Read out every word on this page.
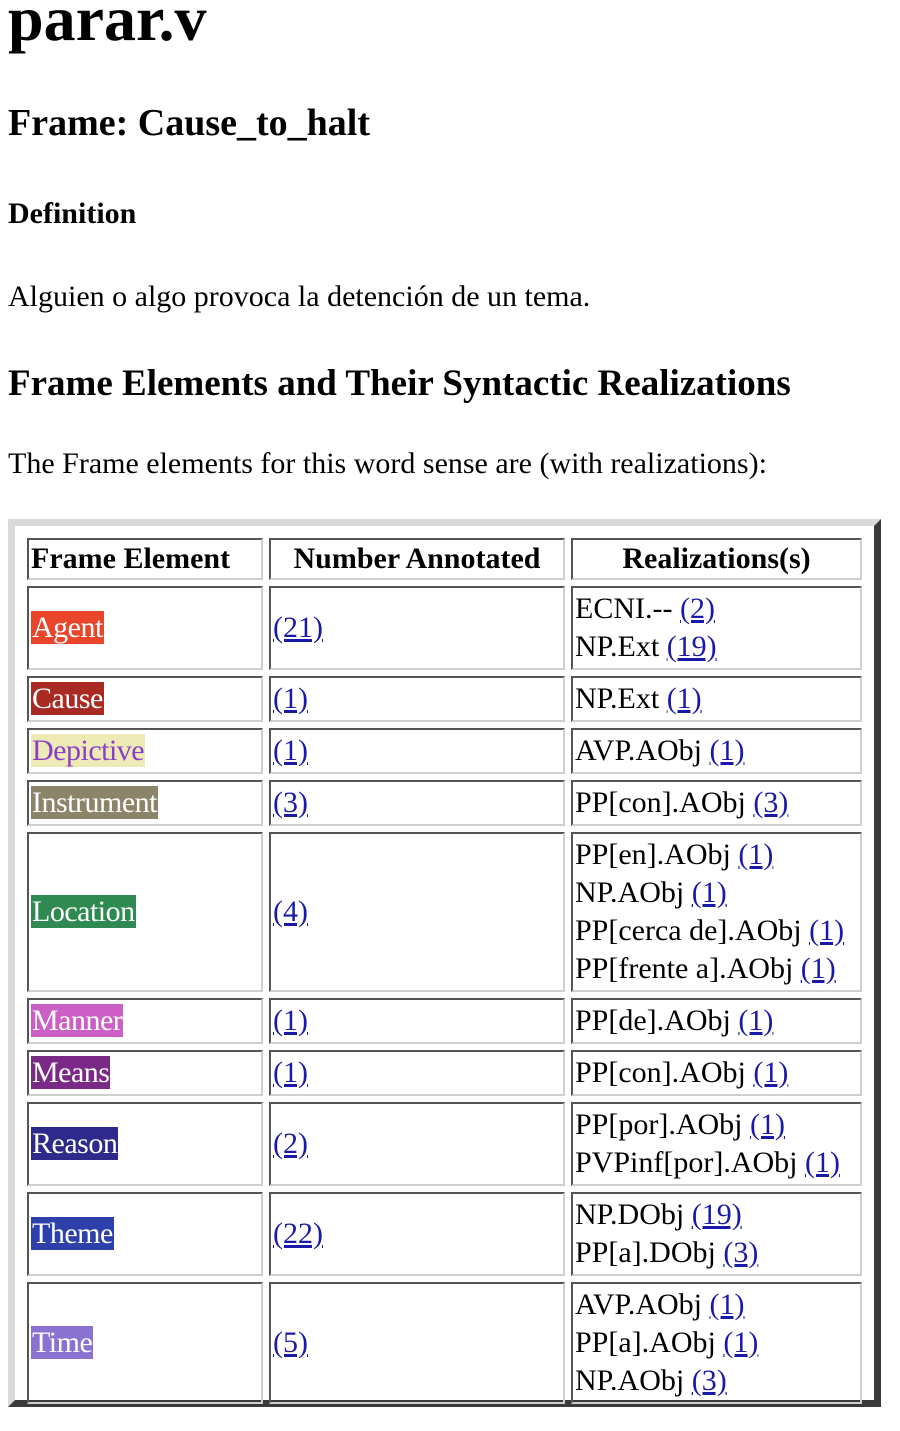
parar.v
Frame: Cause_to_halt
Definition

Alguien o algo provoca la detención de un tema.

Frame Elements and Their Syntactic Realizations

The Frame elements for this word sense are (with realizations):

Frame Element	Number Annotated	Realizations(s)
Agent	(21)	ECNI.-- (2)
NP.Ext (19)

Cause	(1)	NP.Ext (1)

Depictive	(1)	AVP.AObj (1)

Instrument	(3)	PP[con].AObj (3)

Location	(4)	PP[en].AObj (1)
NP.AObj (1)
PP[cerca de].AObj (1)
PP[frente a].AObj (1)

Manner	(1)	PP[de].AObj (1)

Means	(1)	PP[con].AObj (1)

Reason	(2)	PP[por].AObj (1)
PVPinf[por].AObj (1)

Theme	(22)	NP.DObj (19)
PP[a].DObj (3)

Time	(5)	AVP.AObj (1)
PP[a].AObj (1)
NP.AObj (3)
